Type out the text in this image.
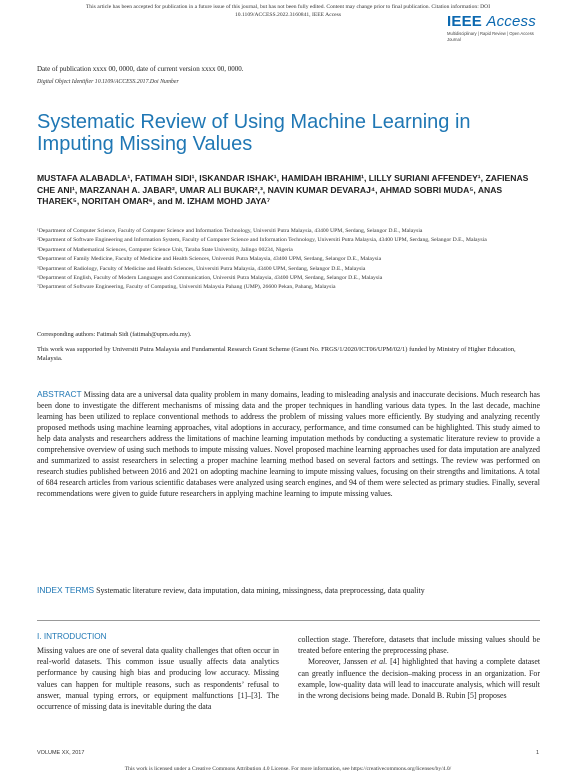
This article has been accepted for publication in a future issue of this journal, but has not been fully edited. Content may change prior to final publication. Citation information: DOI
10.1109/ACCESS.2022.3160841, IEEE Access	IEEE Access
Multidisciplinary | Rapid Review | Open Access Journal
Date of publication xxxx 00, 0000, date of current version xxxx 00, 0000.
Digital Object Identifier 10.1109/ACCESS.2017.Doi Number
Systematic Review of Using Machine Learning in Imputing Missing Values
MUSTAFA ALABADLA¹, FATIMAH SIDI¹, ISKANDAR ISHAK¹, HAMIDAH IBRAHIM¹, LILLY SURIANI AFFENDEY¹, ZAFIENAS CHE ANI¹, MARZANAH A. JABAR², UMAR ALI BUKAR²,³, NAVIN KUMAR DEVARAJ⁴, AHMAD SOBRI MUDA⁵, ANAS THAREK⁵, NORITAH OMAR⁶, and M. IZHAM MOHD JAYA⁷
¹Department of Computer Science, Faculty of Computer Science and Information Technology, Universiti Putra Malaysia, 43400 UPM, Serdang, Selangor D.E., Malaysia
²Department of Software Engineering and Information System, Faculty of Computer Science and Information Technology, Universiti Putra Malaysia, 43400 UPM, Serdang, Selangor D.E., Malaysia
³Department of Mathematical Sciences, Computer Science Unit, Taraba State University, Jalingo 00234, Nigeria
⁴Department of Family Medicine, Faculty of Medicine and Health Sciences, Universiti Putra Malaysia, 43400 UPM, Serdang, Selangor D.E., Malaysia
⁵Department of Radiology, Faculty of Medicine and Health Sciences, Universiti Putra Malaysia, 43400 UPM, Serdang, Selangor D.E., Malaysia
⁶Department of English, Faculty of Modern Languages and Communication, Universiti Putra Malaysia, 43400 UPM, Serdang, Selangor D.E., Malaysia
⁷Department of Software Engineering, Faculty of Computing, Universiti Malaysia Pahang (UMP), 26600 Pekan, Pahang, Malaysia
Corresponding authors: Fatimah Sidi (fatimah@upm.edu.my).
This work was supported by Universiti Putra Malaysia and Fundamental Research Grant Scheme (Grant No. FRGS/1/2020/ICT06/UPM/02/1) funded by Ministry of Higher Education, Malaysia.
ABSTRACT Missing data are a universal data quality problem in many domains, leading to misleading analysis and inaccurate decisions. Much research has been done to investigate the different mechanisms of missing data and the proper techniques in handling various data types. In the last decade, machine learning has been utilized to replace conventional methods to address the problem of missing values more efficiently. By studying and analyzing recently proposed methods using machine learning approaches, vital adoptions in accuracy, performance, and time consumed can be highlighted. This study aimed to help data analysts and researchers address the limitations of machine learning imputation methods by conducting a systematic literature review to provide a comprehensive overview of using such methods to impute missing values. Novel proposed machine learning approaches used for data imputation are analyzed and summarized to assist researchers in selecting a proper machine learning method based on several factors and settings. The review was performed on research studies published between 2016 and 2021 on adopting machine learning to impute missing values, focusing on their strengths and limitations. A total of 684 research articles from various scientific databases were analyzed using search engines, and 94 of them were selected as primary studies. Finally, several recommendations were given to guide future researchers in applying machine learning to impute missing values.
INDEX TERMS Systematic literature review, data imputation, data mining, missingness, data preprocessing, data quality
I. INTRODUCTION
Missing values are one of several data quality challenges that often occur in real-world datasets. This common issue usually affects data analytics performance by causing high bias and producing low accuracy. Missing values can happen for multiple reasons, such as respondents’ refusal to answer, manual typing errors, or equipment malfunctions [1]–[3]. The occurrence of missing data is inevitable during the data
collection stage. Therefore, datasets that include missing values should be treated before entering the preprocessing phase.
Moreover, Janssen et al. [4] highlighted that having a complete dataset can greatly influence the decision–making process in an organization. For example, low-quality data will lead to inaccurate analysis, which will result in the wrong decisions being made. Donald B. Rubin [5] proposes
VOLUME XX, 2017	1
This work is licensed under a Creative Commons Attribution 4.0 License. For more information, see https://creativecommons.org/licenses/by/4.0/
